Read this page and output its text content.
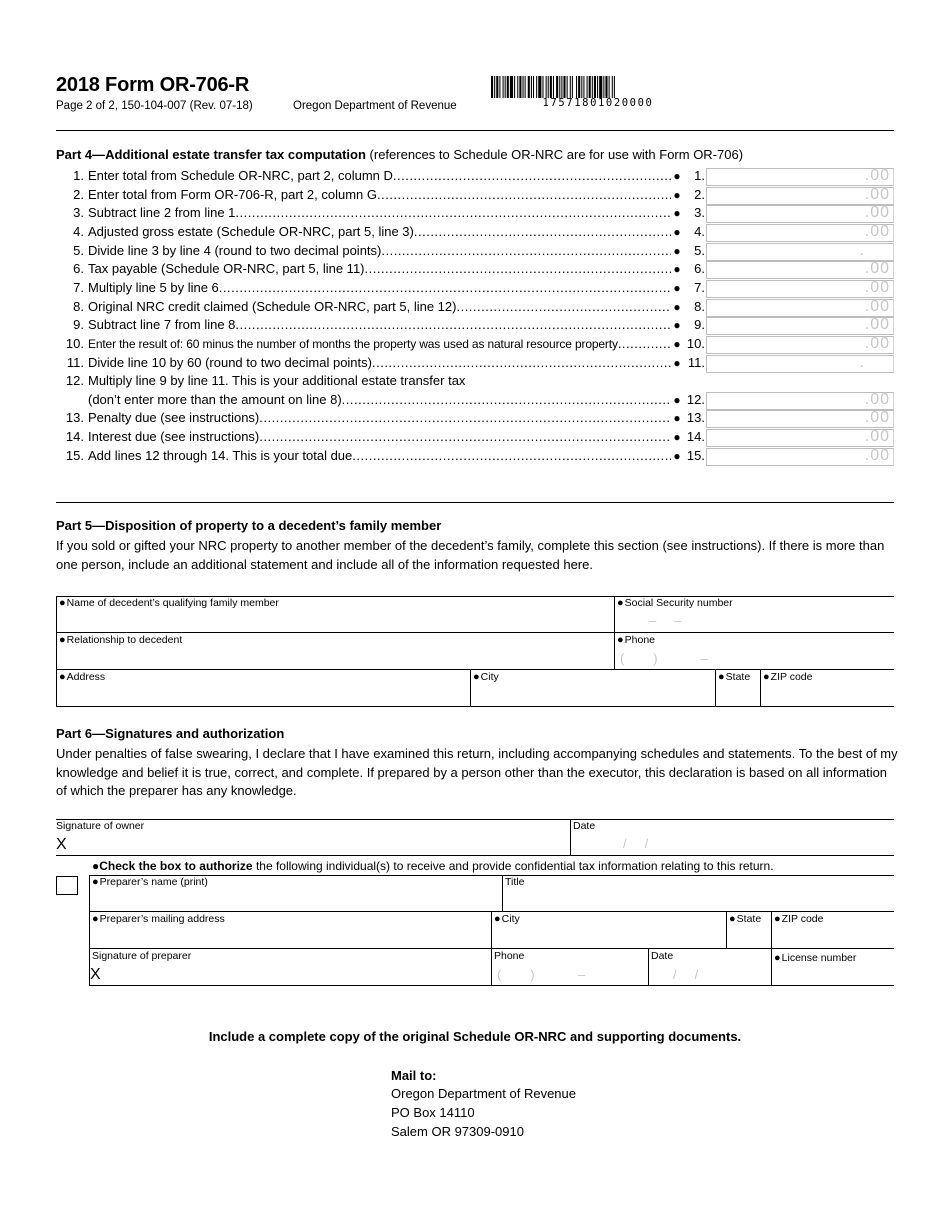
2018 Form OR-706-R
Page 2 of 2, 150-104-007 (Rev. 07-18)	Oregon Department of Revenue	17571801020000
Part 4—Additional estate transfer tax computation (references to Schedule OR-NRC are for use with Form OR-706)
1. Enter total from Schedule OR-NRC, part 2, column D .....	●	1.	.00
2. Enter total from Form OR-706-R, part 2, column G .....	●	2.	.00
3. Subtract line 2 from line 1 .....	●	3.	.00
4. Adjusted gross estate (Schedule OR-NRC, part 5, line 3) .....	●	4.	.00
5. Divide line 3 by line 4 (round to two decimal points) .....	●	5.	.
6. Tax payable (Schedule OR-NRC, part 5, line 11) .....	●	6.	.00
7. Multiply line 5 by line 6 .....	●	7.	.00
8. Original NRC credit claimed (Schedule OR-NRC, part 5, line 12) .....	●	8.	.00
9. Subtract line 7 from line 8 .....	●	9.	.00
10. Enter the result of: 60 minus the number of months the property was used as natural resource property .....	● 10.	.00
11. Divide line 10 by 60 (round to two decimal points) .....	● 11.	.
12. Multiply line 9 by line 11. This is your additional estate transfer tax
(don’t enter more than the amount on line 8) .....	● 12.	.00
13. Penalty due (see instructions) .....	● 13.	.00
14. Interest due (see instructions) .....	● 14.	.00
15. Add lines 12 through 14. This is your total due .....	● 15.	.00
Part 5—Disposition of property to a decedent’s family member
If you sold or gifted your NRC property to another member of the decedent’s family, complete this section (see instructions). If there is more than one person, include an additional statement and include all of the information requested here.
●Name of decedent’s qualifying family member	●Social Security number
–     –
●Relationship to decedent	●Phone
(        )            –
●Address	●City	●State ●ZIP code
Part 6—Signatures and authorization
Under penalties of false swearing, I declare that I have examined this return, including accompanying schedules and statements. To the best of my knowledge and belief it is true, correct, and complete. If prepared by a person other than the executor, this declaration is based on all information of which the preparer has any knowledge.
Signature of owner
X
Date
/     /
●Check the box to authorize the following individual(s) to receive and provide confidential tax information relating to this return.
●Preparer’s name (print)	Title
●Preparer’s mailing address	●City	●State ●ZIP code
Signature of preparer
X
Phone
(        )            –
Date
/     /
●License number
Include a complete copy of the original Schedule OR-NRC and supporting documents.
Mail to:
Oregon Department of Revenue
PO Box 14110
Salem OR 97309-0910
